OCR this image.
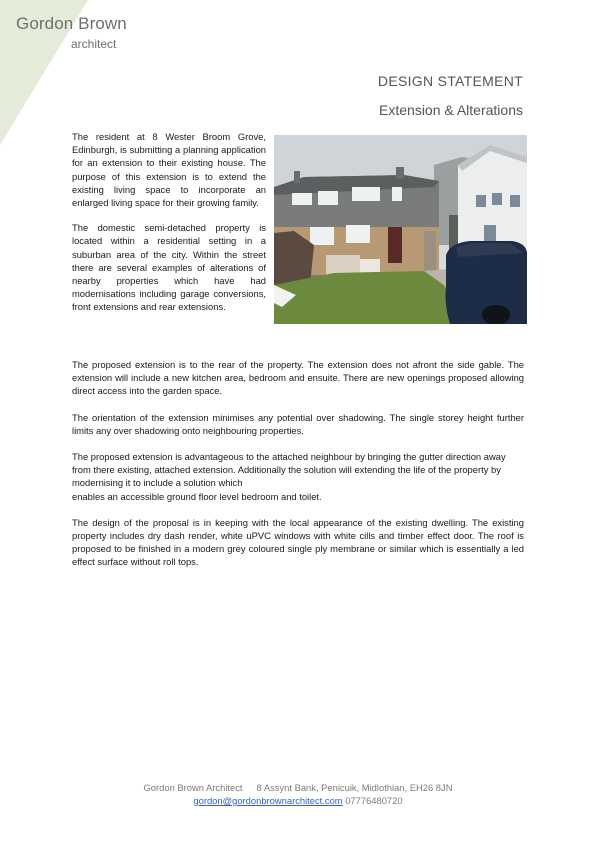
Gordon Brown
architect
DESIGN STATEMENT
Extension & Alterations

The resident at 8 Wester Broom Grove, Edinburgh, is submitting a planning application for an extension to their existing house. The purpose of this extension is to extend the existing living space to incorporate an enlarged living space for their growing family.

The domestic semi-detached property is located within a residential setting in a suburban area of the city. Within the street there are several examples of alterations of nearby properties which have had modernisations including garage conversions, front extensions and rear extensions.

The proposed extension is to the rear of the property. The extension does not afront the side gable. The extension will include a new kitchen area, bedroom and ensuite. There are new openings proposed allowing direct access into the garden space.

The orientation of the extension minimises any potential over shadowing. The single storey height further limits any over shadowing onto neighbouring properties.

The proposed extension is advantageous to the attached neighbour by bringing the gutter direction away from there existing, attached extension. Additionally the solution will extending the life of the property by modernising it to include a solution which
enables an accessible ground floor level bedroom and toilet.

The design of the proposal is in keeping with the local appearance of the existing dwelling. The existing property includes dry dash render, white uPVC windows with white cills and timber effect door. The roof is proposed to be finished in a modern grey coloured single ply membrane or similar which is essentially a led effect surface without roll tops.

Gordon Brown Architect 8 Assynt Bank, Penicuik, Midlothian, EH26 8JN
gordon@gordonbrownarchitect.com 07776480720
